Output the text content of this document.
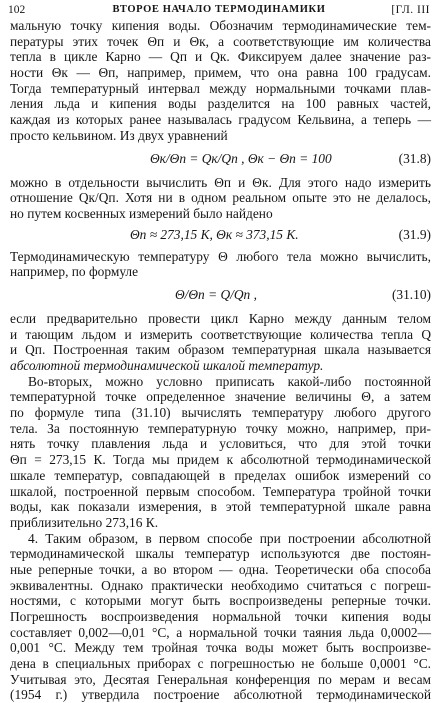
102	ВТОРОЕ НАЧАЛО ТЕРМОДИНАМИКИ	[ГЛ. III
мальную точку кипения воды. Обозначим термодинамические тем-
пературы этих точек Θп и Θк, а соответствующие им количества
тепла в цикле Карно — Qп и Qк. Фиксируем далее значение раз-
ности Θк — Θп, например, примем, что она равна 100 градусам.
Тогда температурный интервал между нормальными точками плав-
ления льда и кипения воды разделится на 100 равных частей,
каждая из которых ранее называлась градусом Кельвина, а теперь —
просто кельвином. Из двух уравнений
Θк/Θп = Qк/Qп , Θк − Θп = 100	(31.8)
можно в отдельности вычислить Θп и Θк. Для этого надо измерить
отношение Qк/Qп. Хотя ни в одном реальном опыте это не делалось,
но путем косвенных измерений было найдено
Θп ≈ 273,15 К, Θк ≈ 373,15 К.	(31.9)
Термодинамическую температуру Θ любого тела можно вычислить,
например, по формуле
Θ/Θп = Q/Qп ,	(31.10)
если предварительно провести цикл Карно между данным телом
и тающим льдом и измерить соответствующие количества тепла Q
и Qп. Построенная таким образом температурная шкала называется
абсолютной термодинамической шкалой температур.
Во-вторых, можно условно приписать какой-либо постоянной
температурной точке определенное значение величины Θ, а затем
по формуле типа (31.10) вычислять температуру любого другого
тела. За постоянную температурную точку можно, например, при-
нять точку плавления льда и условиться, что для этой точки
Θп = 273,15 К. Тогда мы придем к абсолютной термодинамической
шкале температур, совпадающей в пределах ошибок измерений со
шкалой, построенной первым способом. Температура тройной точки
воды, как показали измерения, в этой температурной шкале равна
приблизительно 273,16 К.
4. Таким образом, в первом способе при построении абсолютной
термодинамической шкалы температур используются две постоян-
ные реперные точки, а во втором — одна. Теоретически оба способа
эквивалентны. Однако практически необходимо считаться с погреш-
ностями, с которыми могут быть воспроизведены реперные точки.
Погрешность воспроизведения нормальной точки кипения воды
составляет 0,002—0,01 °С, а нормальной точки таяния льда 0,0002—
0,001 °С. Между тем тройная точка воды может быть воспроизве-
дена в специальных приборах с погрешностью не больше 0,0001 °С.
Учитывая это, Десятая Генеральная конференция по мерам и весам
(1954 г.) утвердила построение абсолютной термодинамической
